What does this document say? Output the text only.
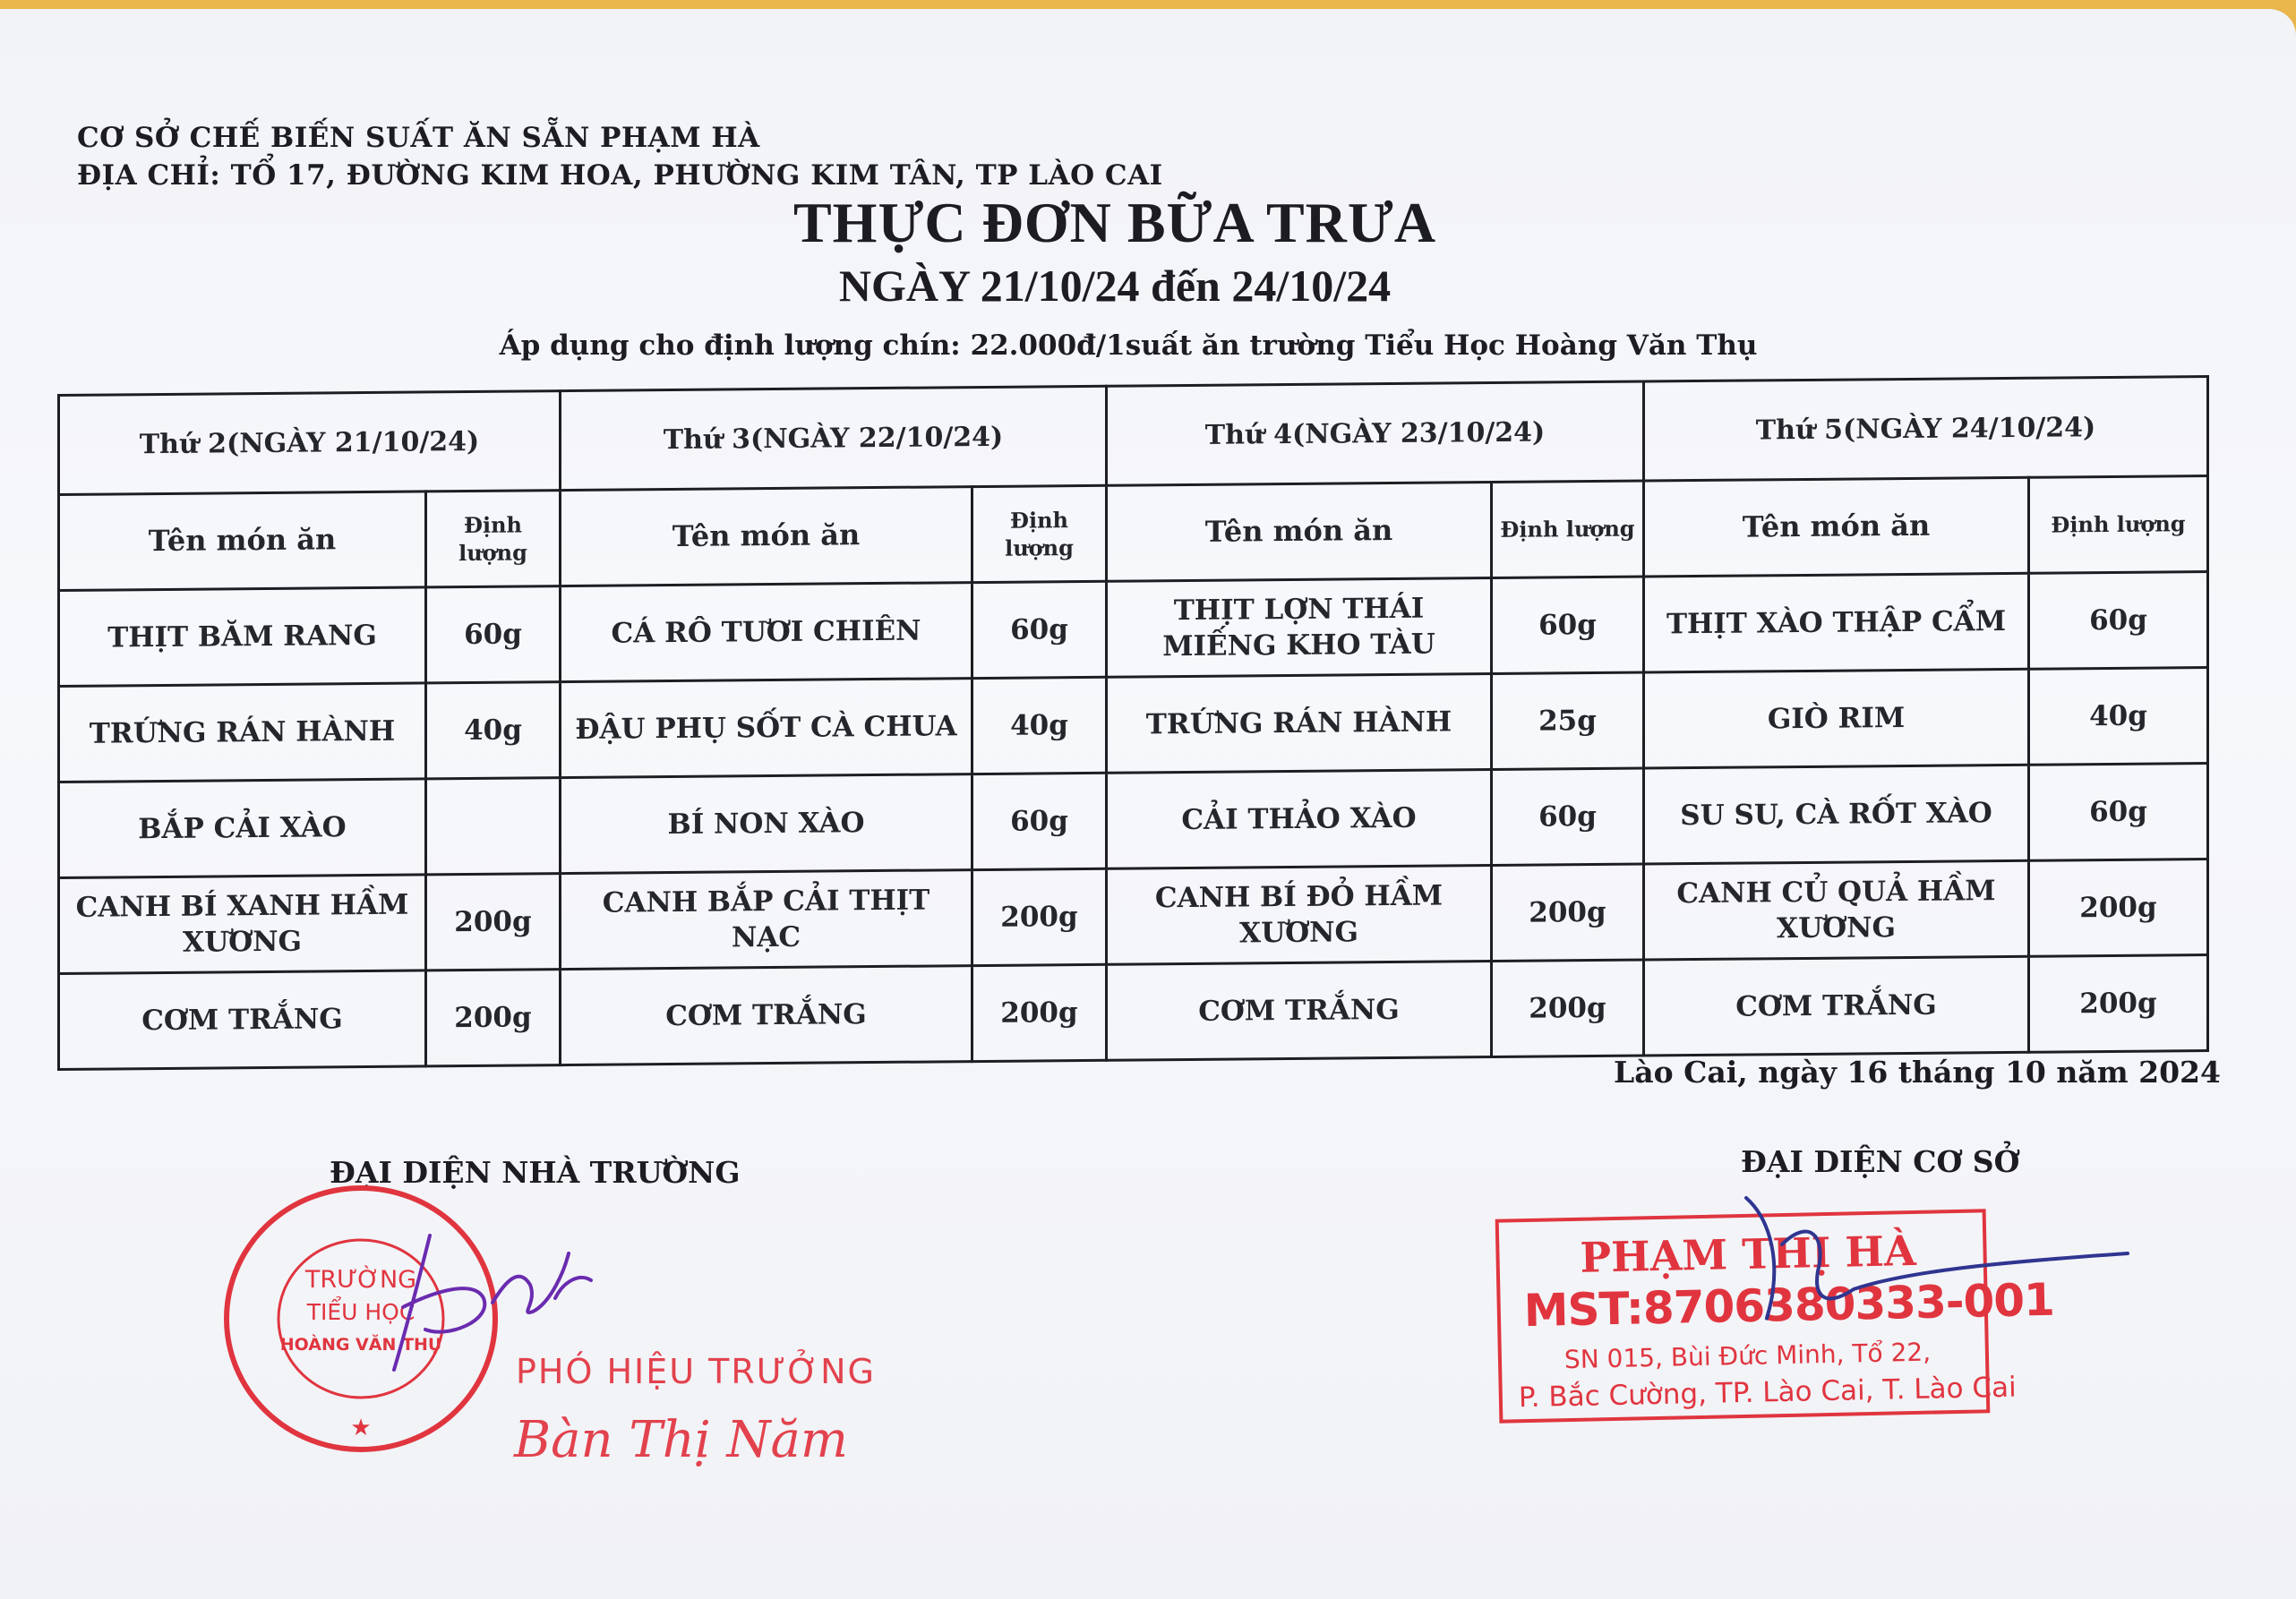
CƠ SỞ CHẾ BIẾN SUẤT ĂN SẴN PHẠM HÀ
ĐỊA CHỈ: TỔ 17, ĐƯỜNG KIM HOA, PHƯỜNG KIM TÂN, TP LÀO CAI
THỰC ĐƠN BỮA TRƯA
NGÀY 21/10/24 đến 24/10/24
Áp dụng cho định lượng chín: 22.000đ/1suất ăn trường Tiểu Học Hoàng Văn Thụ
Thứ 2(NGÀY 21/10/24)		Thứ 3(NGÀY 22/10/24)		Thứ 4(NGÀY 23/10/24)		Thứ 5(NGÀY 24/10/24)	
Tên món ăn	Định lượng	Tên món ăn	Định lượng	Tên món ăn	Định lượng	Tên món ăn	Định lượng
THỊT BĂM RANG	60g	CÁ RÔ TƯƠI CHIÊN	60g	THỊT LỢN THÁI MIẾNG KHO TÀU	60g	THỊT XÀO THẬP CẨM	60g
TRỨNG RÁN HÀNH	40g	ĐẬU PHỤ SỐT CÀ CHUA	40g	TRỨNG RÁN HÀNH	25g	GIÒ RIM	40g
BẮP CẢI XÀO		BÍ NON XÀO	60g	CẢI THẢO XÀO	60g	SU SU, CÀ RỐT XÀO	60g
CANH BÍ XANH HẦM XƯƠNG	200g	CANH BẮP CẢI THỊT NẠC	200g	CANH BÍ ĐỎ HẦM XƯƠNG	200g	CANH CỦ QUẢ HẦM XƯƠNG	200g
CƠM TRẮNG	200g	CƠM TRẮNG	200g	CƠM TRẮNG	200g	CƠM TRẮNG	200g
Lào Cai, ngày 16 tháng 10 năm 2024
ĐẠI DIỆN NHÀ TRƯỜNG	ĐẠI DIỆN CƠ SỞ
★
TRƯỜNG
TIỂU HỌC
HOÀNG VĂN THỤ
PHÓ HIỆU TRƯỞNG
Bàn Thị Năm
PHẠM THỊ HÀ
MST:8706380333-001
SN 015, Bùi Đức Minh, Tổ 22,
P. Bắc Cường, TP. Lào Cai, T. Lào Cai
